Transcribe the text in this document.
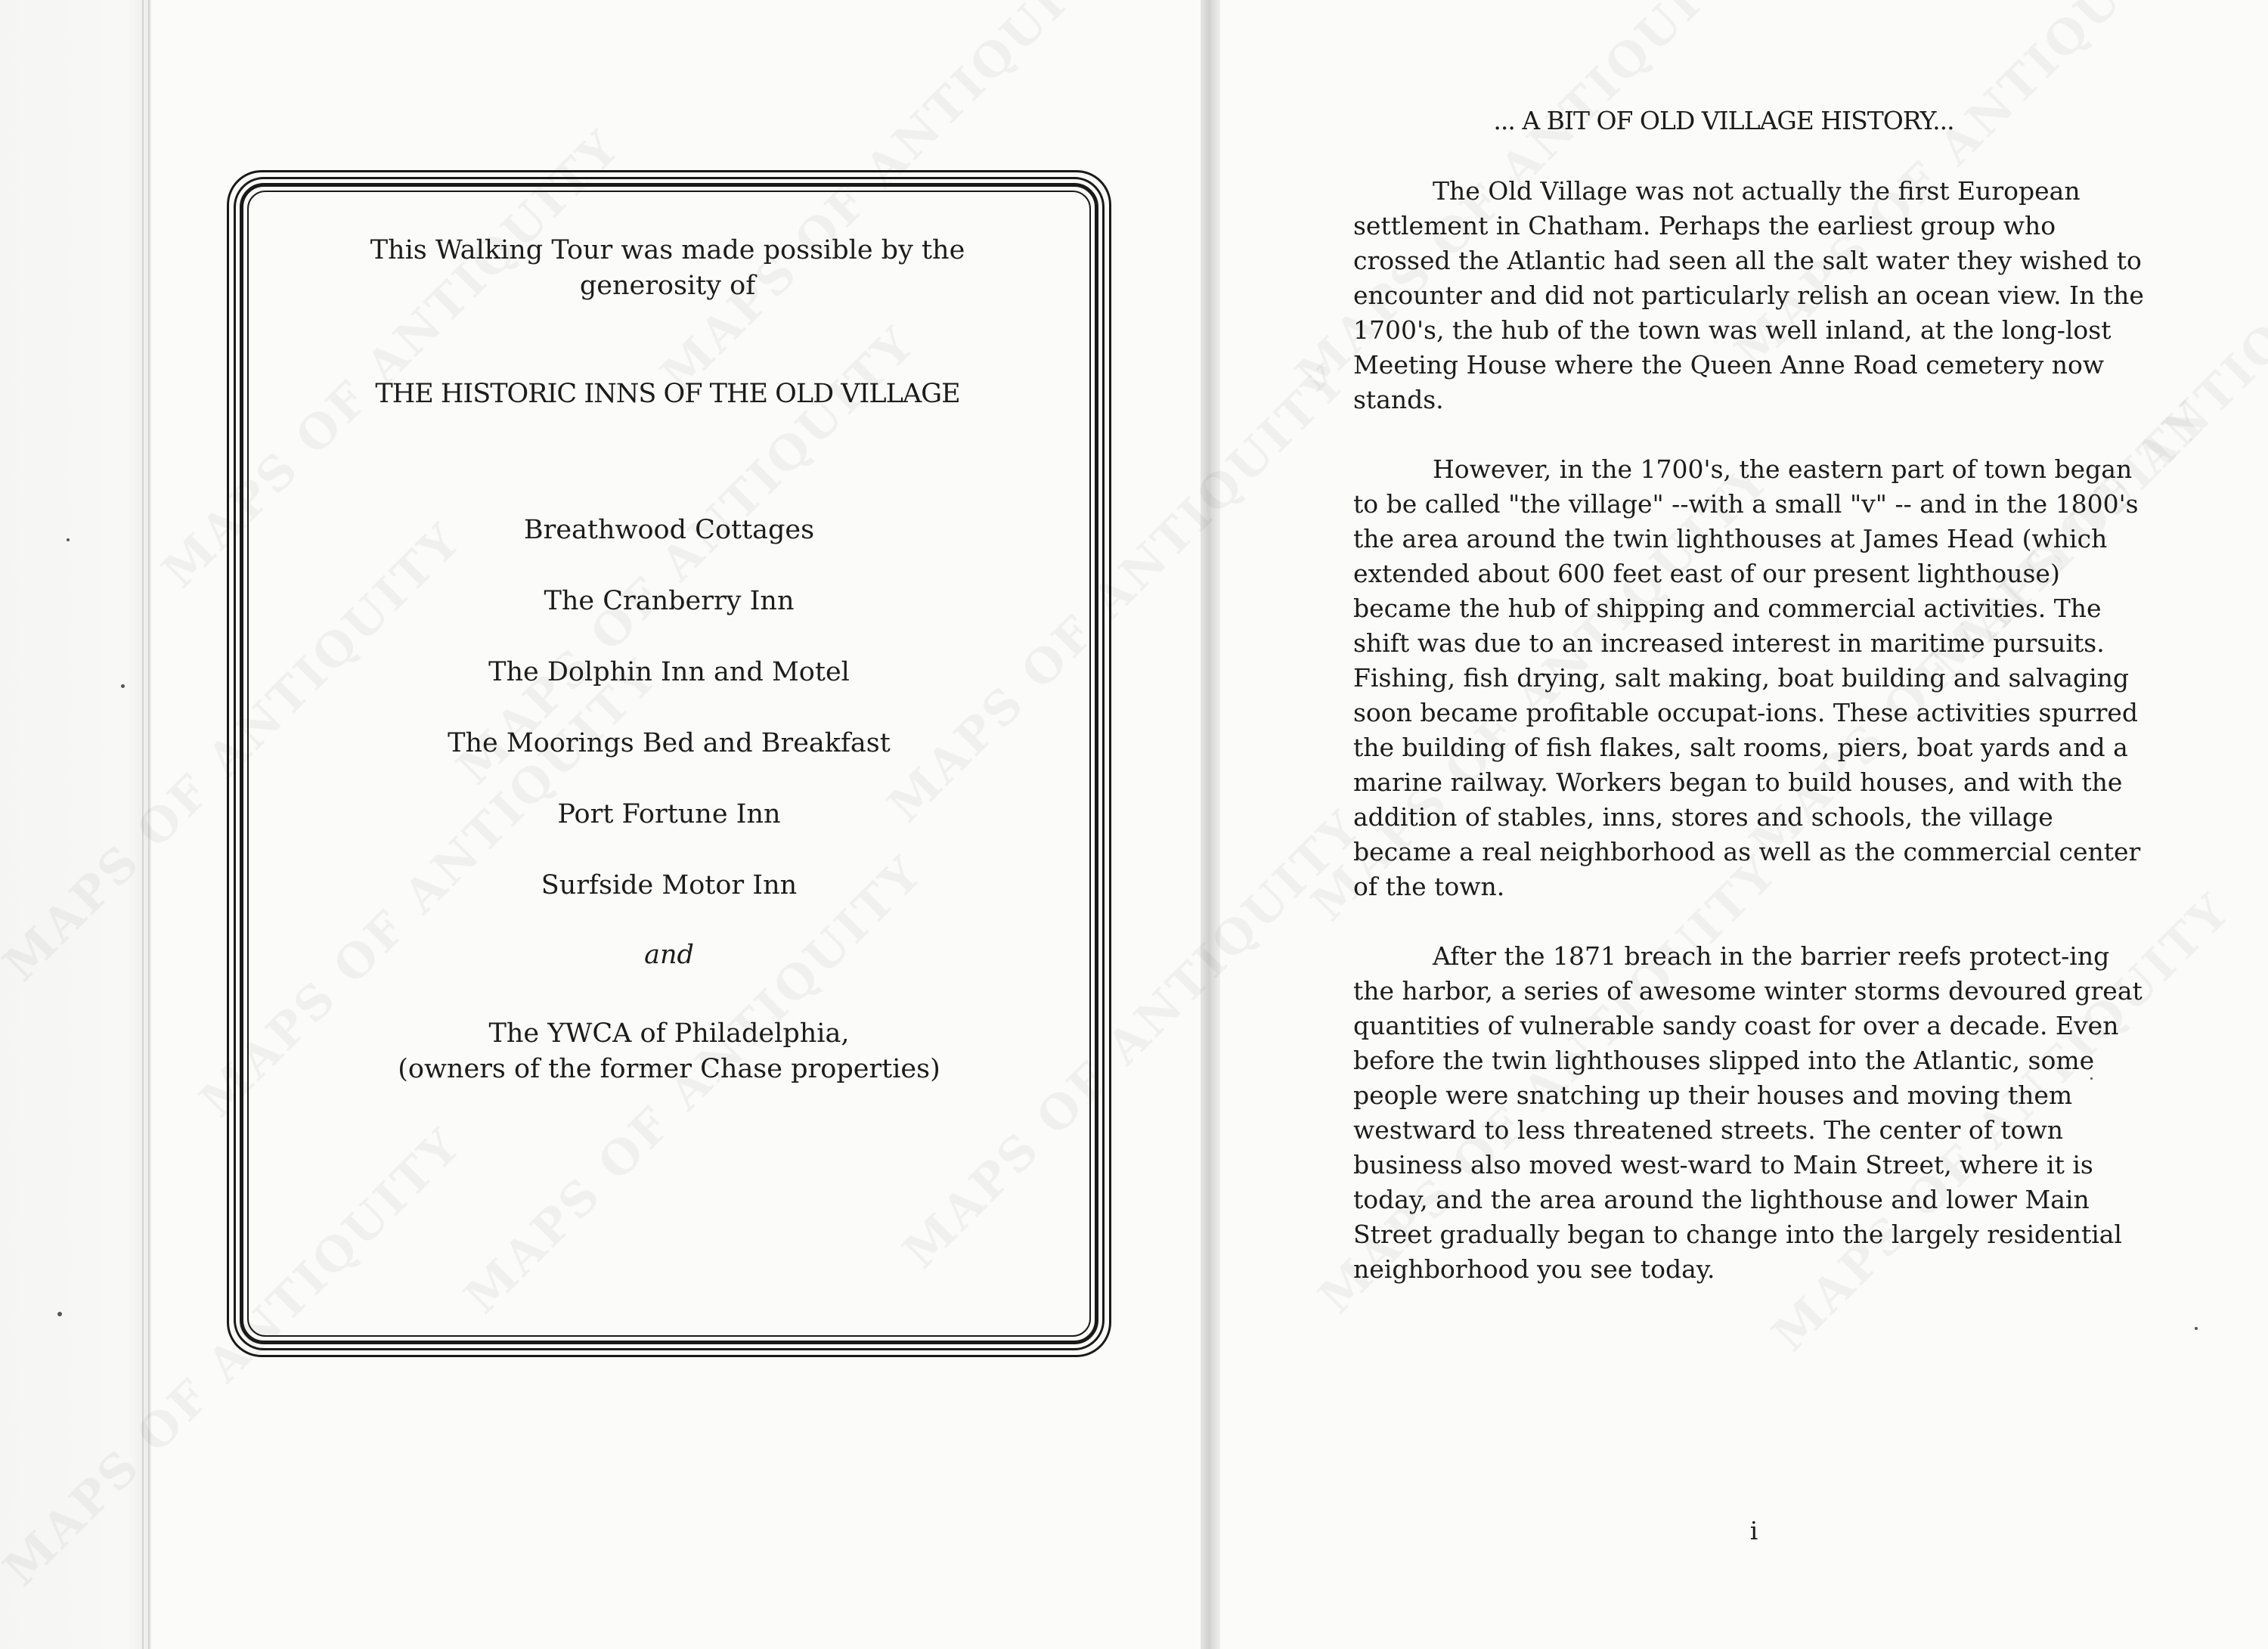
This Walking Tour was made possible by the generosity of
THE HISTORIC INNS OF THE OLD VILLAGE
Breathwood Cottages
The Cranberry Inn
The Dolphin Inn and Motel
The Moorings Bed and Breakfast
Port Fortune Inn
Surfside Motor Inn
and
The YWCA of Philadelphia,
(owners of the former Chase properties)
... A BIT OF OLD VILLAGE HISTORY...

The Old Village was not actually the first European settlement in Chatham. Perhaps the earliest group who crossed the Atlantic had seen all the salt water they wished to encounter and did not particularly relish an ocean view. In the 1700's, the hub of the town was well inland, at the long-lost Meeting House where the Queen Anne Road cemetery now stands.

However, in the 1700's, the eastern part of town began to be called "the village" --with a small "v" -- and in the 1800's the area around the twin lighthouses at James Head (which extended about 600 feet east of our present lighthouse) became the hub of shipping and commercial activities. The shift was due to an increased interest in maritime pursuits. Fishing, fish drying, salt making, boat building and salvaging soon became profitable occupat-ions. These activities spurred the building of fish flakes, salt rooms, piers, boat yards and a marine railway. Workers began to build houses, and with the addition of stables, inns, stores and schools, the village became a real neighborhood as well as the commercial center of the town.

After the 1871 breach in the barrier reefs protect-ing the harbor, a series of awesome winter storms devoured great quantities of vulnerable sandy coast for over a decade. Even before the twin lighthouses slipped into the Atlantic, some people were snatching up their houses and moving them westward to less threatened streets. The center of town business also moved west-ward to Main Street, where it is today, and the area around the lighthouse and lower Main Street gradually began to change into the largely residential neighborhood you see today.

i
